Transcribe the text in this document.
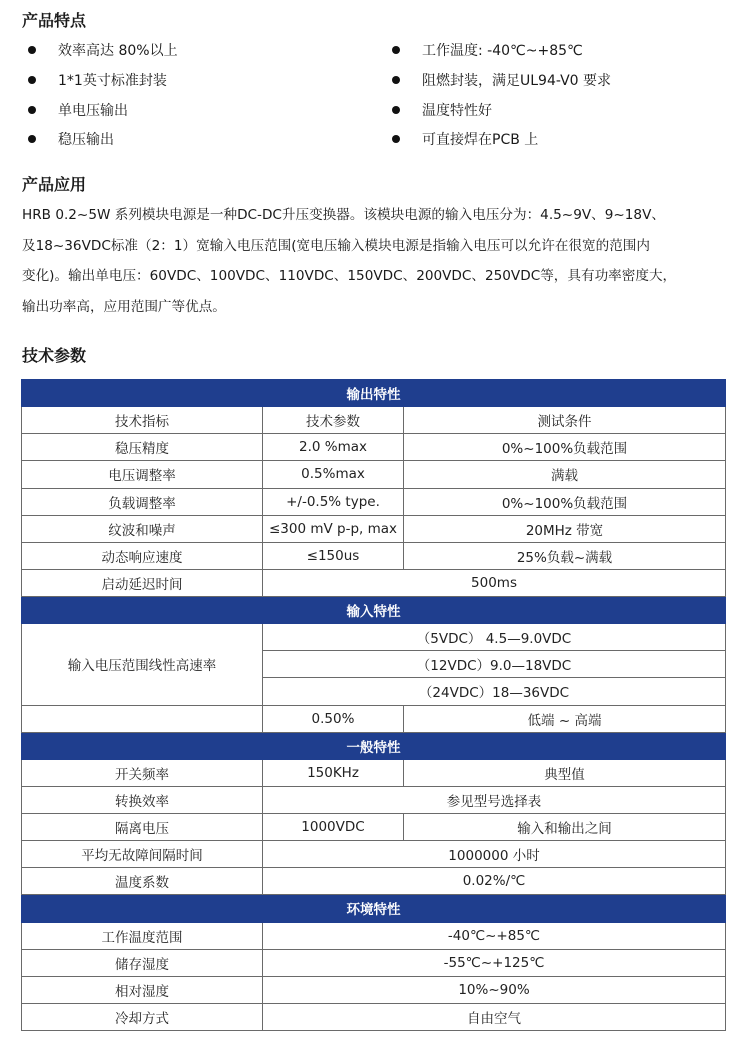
产品特点
效率高达 80%以上
1*1英寸标准封装
单电压输出
稳压输出
工作温度: -40℃~+85℃
阻燃封装，满足UL94-V0 要求
温度特性好
可直接焊在PCB 上
产品应用

HRB 0.2~5W 系列模块电源是一种DC-DC升压变换器。该模块电源的输入电压分为：4.5~9V、9~18V、
及18~36VDC标准（2：1）宽输入电压范围(宽电压输入模块电源是指输入电压可以允许在很宽的范围内
变化)。输出单电压：60VDC、100VDC、110VDC、150VDC、200VDC、250VDC等，具有功率密度大，
输出功率高，应用范围广等优点。

技术参数
输出特性		
技术指标	技术参数	测试条件
稳压精度	2.0 %max	0%~100%负载范围
电压调整率	0.5%max	满载
负载调整率	+/-0.5% type.	0%~100%负载范围
纹波和噪声	≤300 mV p-p, max	20MHz 带宽
动态响应速度	≤150us	25%负载~满载
启动延迟时间	500ms	
输入特性		
输入电压范围线性高速率	（5VDC） 4.5—9.0VDC	
	（12VDC）9.0—18VDC	
	（24VDC）18—36VDC	
	0.50%	低端 ~ 高端
一般特性		
开关频率	150KHz	典型值
转换效率	参见型号选择表	
隔离电压	1000VDC	输入和输出之间
平均无故障间隔时间	1000000 小时	
温度系数	0.02%/℃	
环境特性		
工作温度范围	-40℃~+85℃	
储存湿度	-55℃~+125℃	
相对湿度	10%~90%	
冷却方式	自由空气	
